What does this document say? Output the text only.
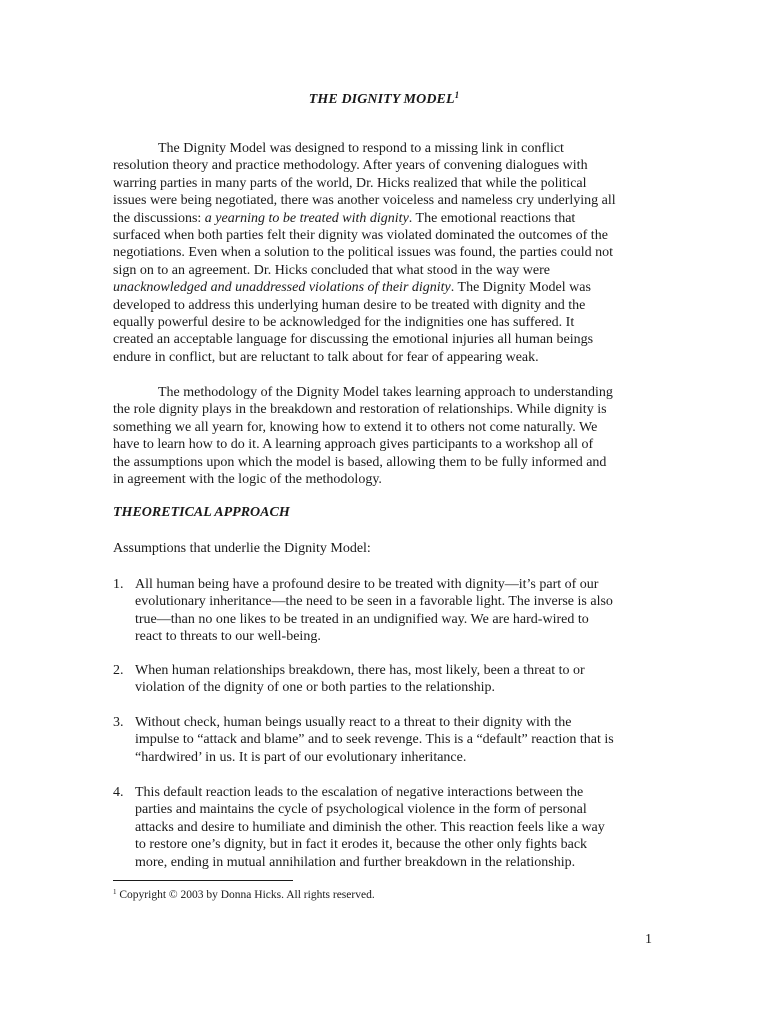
THE DIGNITY MODEL$^1$
The Dignity Model was designed to respond to a missing link in conflict
resolution theory and practice methodology. After years of convening dialogues with
warring parties in many parts of the world, Dr. Hicks realized that while the political
issues were being negotiated, there was another voiceless and nameless cry underlying all
the discussions: a yearning to be treated with dignity. The emotional reactions that
surfaced when both parties felt their dignity was violated dominated the outcomes of the
negotiations. Even when a solution to the political issues was found, the parties could not
sign on to an agreement. Dr. Hicks concluded that what stood in the way were
unacknowledged and unaddressed violations of their dignity. The Dignity Model was
developed to address this underlying human desire to be treated with dignity and the
equally powerful desire to be acknowledged for the indignities one has suffered. It
created an acceptable language for discussing the emotional injuries all human beings
endure in conflict, but are reluctant to talk about for fear of appearing weak.
The methodology of the Dignity Model takes learning approach to understanding
the role dignity plays in the breakdown and restoration of relationships. While dignity is
something we all yearn for, knowing how to extend it to others not come naturally. We
have to learn how to do it. A learning approach gives participants to a workshop all of
the assumptions upon which the model is based, allowing them to be fully informed and
in agreement with the logic of the methodology.
THEORETICAL APPROACH
Assumptions that underlie the Dignity Model:
1. All human being have a profound desire to be treated with dignity—it’s part of our
evolutionary inheritance—the need to be seen in a favorable light. The inverse is also
true—than no one likes to be treated in an undignified way. We are hard-wired to
react to threats to our well-being.
2. When human relationships breakdown, there has, most likely, been a threat to or
violation of the dignity of one or both parties to the relationship.
3. Without check, human beings usually react to a threat to their dignity with the
impulse to “attack and blame” and to seek revenge. This is a “default” reaction that is
“hardwired’ in us. It is part of our evolutionary inheritance.
4. This default reaction leads to the escalation of negative interactions between the
parties and maintains the cycle of psychological violence in the form of personal
attacks and desire to humiliate and diminish the other. This reaction feels like a way
to restore one’s dignity, but in fact it erodes it, because the other only fights back
more, ending in mutual annihilation and further breakdown in the relationship.
$^1$ Copyright © 2003 by Donna Hicks. All rights reserved.
1
